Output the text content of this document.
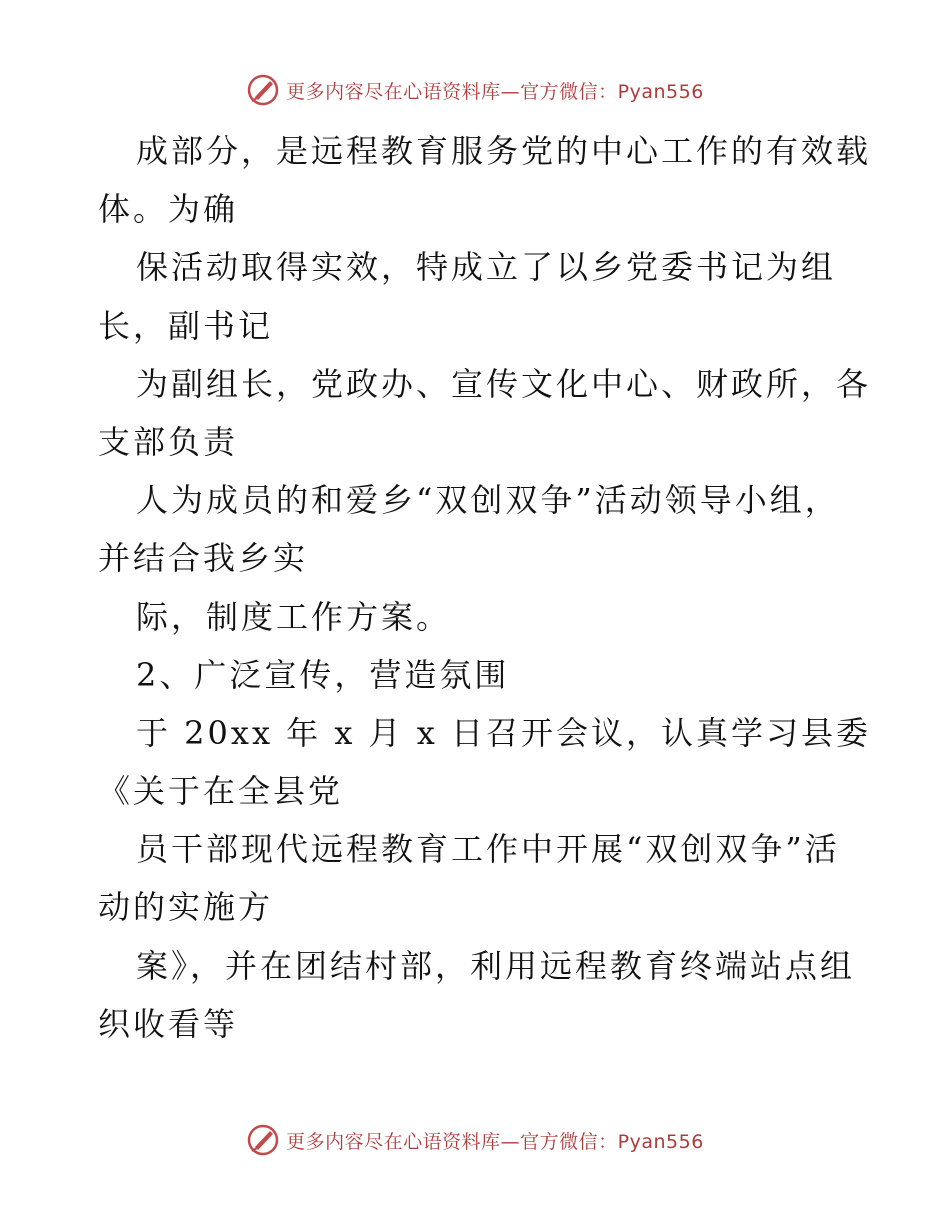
更多内容尽在心语资料库—官方微信：Pyan556
成部分，是远程教育服务党的中心工作的有效载
体。为确
保活动取得实效，特成立了以乡党委书记为组
长，副书记
为副组长，党政办、宣传文化中心、财政所，各
支部负责
人为成员的和爱乡“双创双争”活动领导小组，
并结合我乡实
际，制度工作方案。
2、广泛宣传，营造氛围
于 20xx 年 x 月 x 日召开会议，认真学习县委
《关于在全县党
员干部现代远程教育工作中开展“双创双争”活
动的实施方
案》，并在团结村部，利用远程教育终端站点组
织收看等
更多内容尽在心语资料库—官方微信：Pyan556
